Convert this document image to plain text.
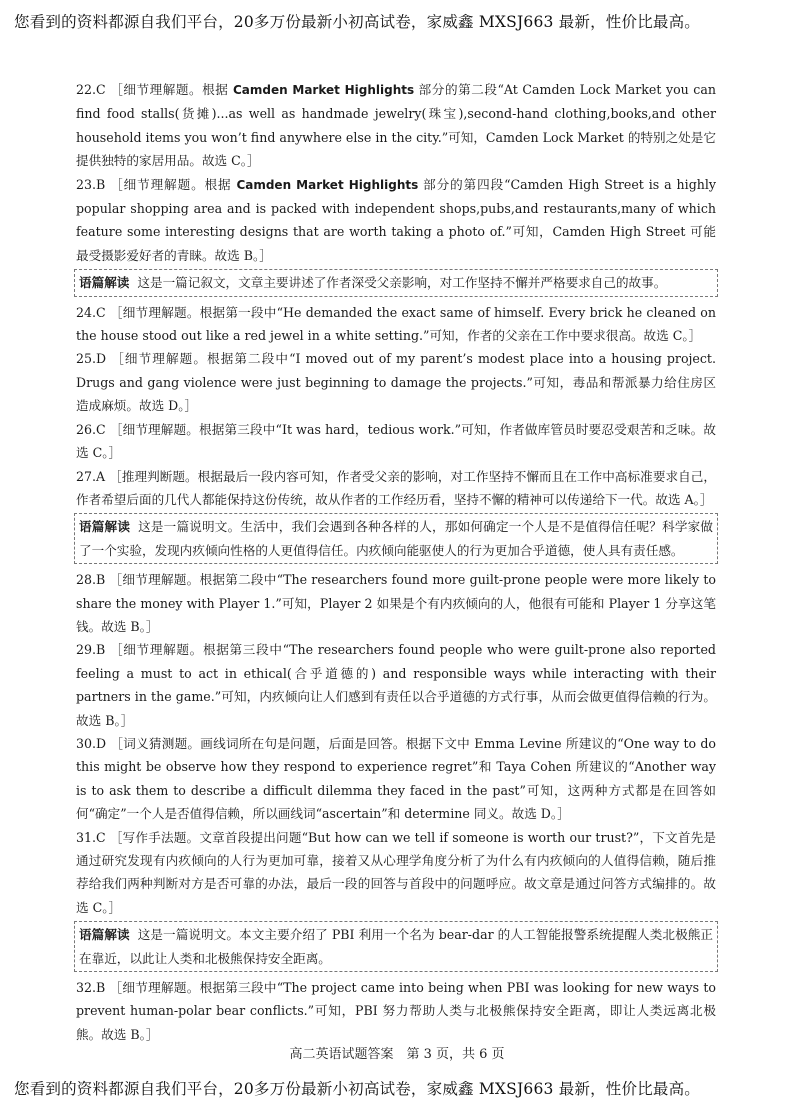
您看到的资料都源自我们平台，20多万份最新小初高试卷，家威鑫 MXSJ663 最新，性价比最高。
22.C ［细节理解题。根据 Camden Market Highlights 部分的第二段“At Camden Lock Market you can find food stalls(货摊)...as well as handmade jewelry(珠宝),second-hand clothing,books,and other household items you won’t find anywhere else in the city.”可知，Camden Lock Market 的特别之处是它提供独特的家居用品。故选 C。］
23.B ［细节理解题。根据 Camden Market Highlights 部分的第四段“Camden High Street is a highly popular shopping area and is packed with independent shops,pubs,and restaurants,many of which feature some interesting designs that are worth taking a photo of.”可知，Camden High Street 可能最受摄影爱好者的青睐。故选 B。］
语篇解读 这是一篇记叙文，文章主要讲述了作者深受父亲影响，对工作坚持不懈并严格要求自己的故事。
24.C ［细节理解题。根据第一段中“He demanded the exact same of himself. Every brick he cleaned on the house stood out like a red jewel in a white setting.”可知，作者的父亲在工作中要求很高。故选 C。］
25.D ［细节理解题。根据第二段中“I moved out of my parent’s modest place into a housing project. Drugs and gang violence were just beginning to damage the projects.”可知，毒品和帮派暴力给住房区造成麻烦。故选 D。］
26.C ［细节理解题。根据第三段中“It was hard，tedious work.”可知，作者做库管员时要忍受艰苦和乏味。故选 C。］
27.A ［推理判断题。根据最后一段内容可知，作者受父亲的影响，对工作坚持不懈而且在工作中高标准要求自己，作者希望后面的几代人都能保持这份传统，故从作者的工作经历看，坚持不懈的精神可以传递给下一代。故选 A。］
语篇解读 这是一篇说明文。生活中，我们会遇到各种各样的人，那如何确定一个人是不是值得信任呢？科学家做了一个实验，发现内疚倾向性格的人更值得信任。内疚倾向能驱使人的行为更加合乎道德，使人具有责任感。
28.B ［细节理解题。根据第二段中“The researchers found more guilt-prone people were more likely to share the money with Player 1.”可知，Player 2 如果是个有内疚倾向的人，他很有可能和 Player 1 分享这笔钱。故选 B。］
29.B ［细节理解题。根据第三段中“The researchers found people who were guilt-prone also reported feeling a must to act in ethical(合乎道德的) and responsible ways while interacting with their partners in the game.”可知，内疚倾向让人们感到有责任以合乎道德的方式行事，从而会做更值得信赖的行为。故选 B。］
30.D ［词义猜测题。画线词所在句是问题，后面是回答。根据下文中 Emma Levine 所建议的“One way to do this might be observe how they respond to experience regret”和 Taya Cohen 所建议的“Another way is to ask them to describe a difficult dilemma they faced in the past”可知，这两种方式都是在回答如何“确定”一个人是否值得信赖，所以画线词“ascertain”和 determine 同义。故选 D。］
31.C ［写作手法题。文章首段提出问题“But how can we tell if someone is worth our trust?”，下文首先是通过研究发现有内疚倾向的人行为更加可靠，接着又从心理学角度分析了为什么有内疚倾向的人值得信赖，随后推荐给我们两种判断对方是否可靠的办法，最后一段的回答与首段中的问题呼应。故文章是通过问答方式编排的。故选 C。］
语篇解读 这是一篇说明文。本文主要介绍了 PBI 利用一个名为 bear-dar 的人工智能报警系统提醒人类北极熊正在靠近，以此让人类和北极熊保持安全距离。
32.B ［细节理解题。根据第三段中“The project came into being when PBI was looking for new ways to prevent human-polar bear conflicts.”可知，PBI 努力帮助人类与北极熊保持安全距离，即让人类远离北极熊。故选 B。］
高二英语试题答案　第 3 页，共 6 页
您看到的资料都源自我们平台，20多万份最新小初高试卷，家威鑫 MXSJ663 最新，性价比最高。
